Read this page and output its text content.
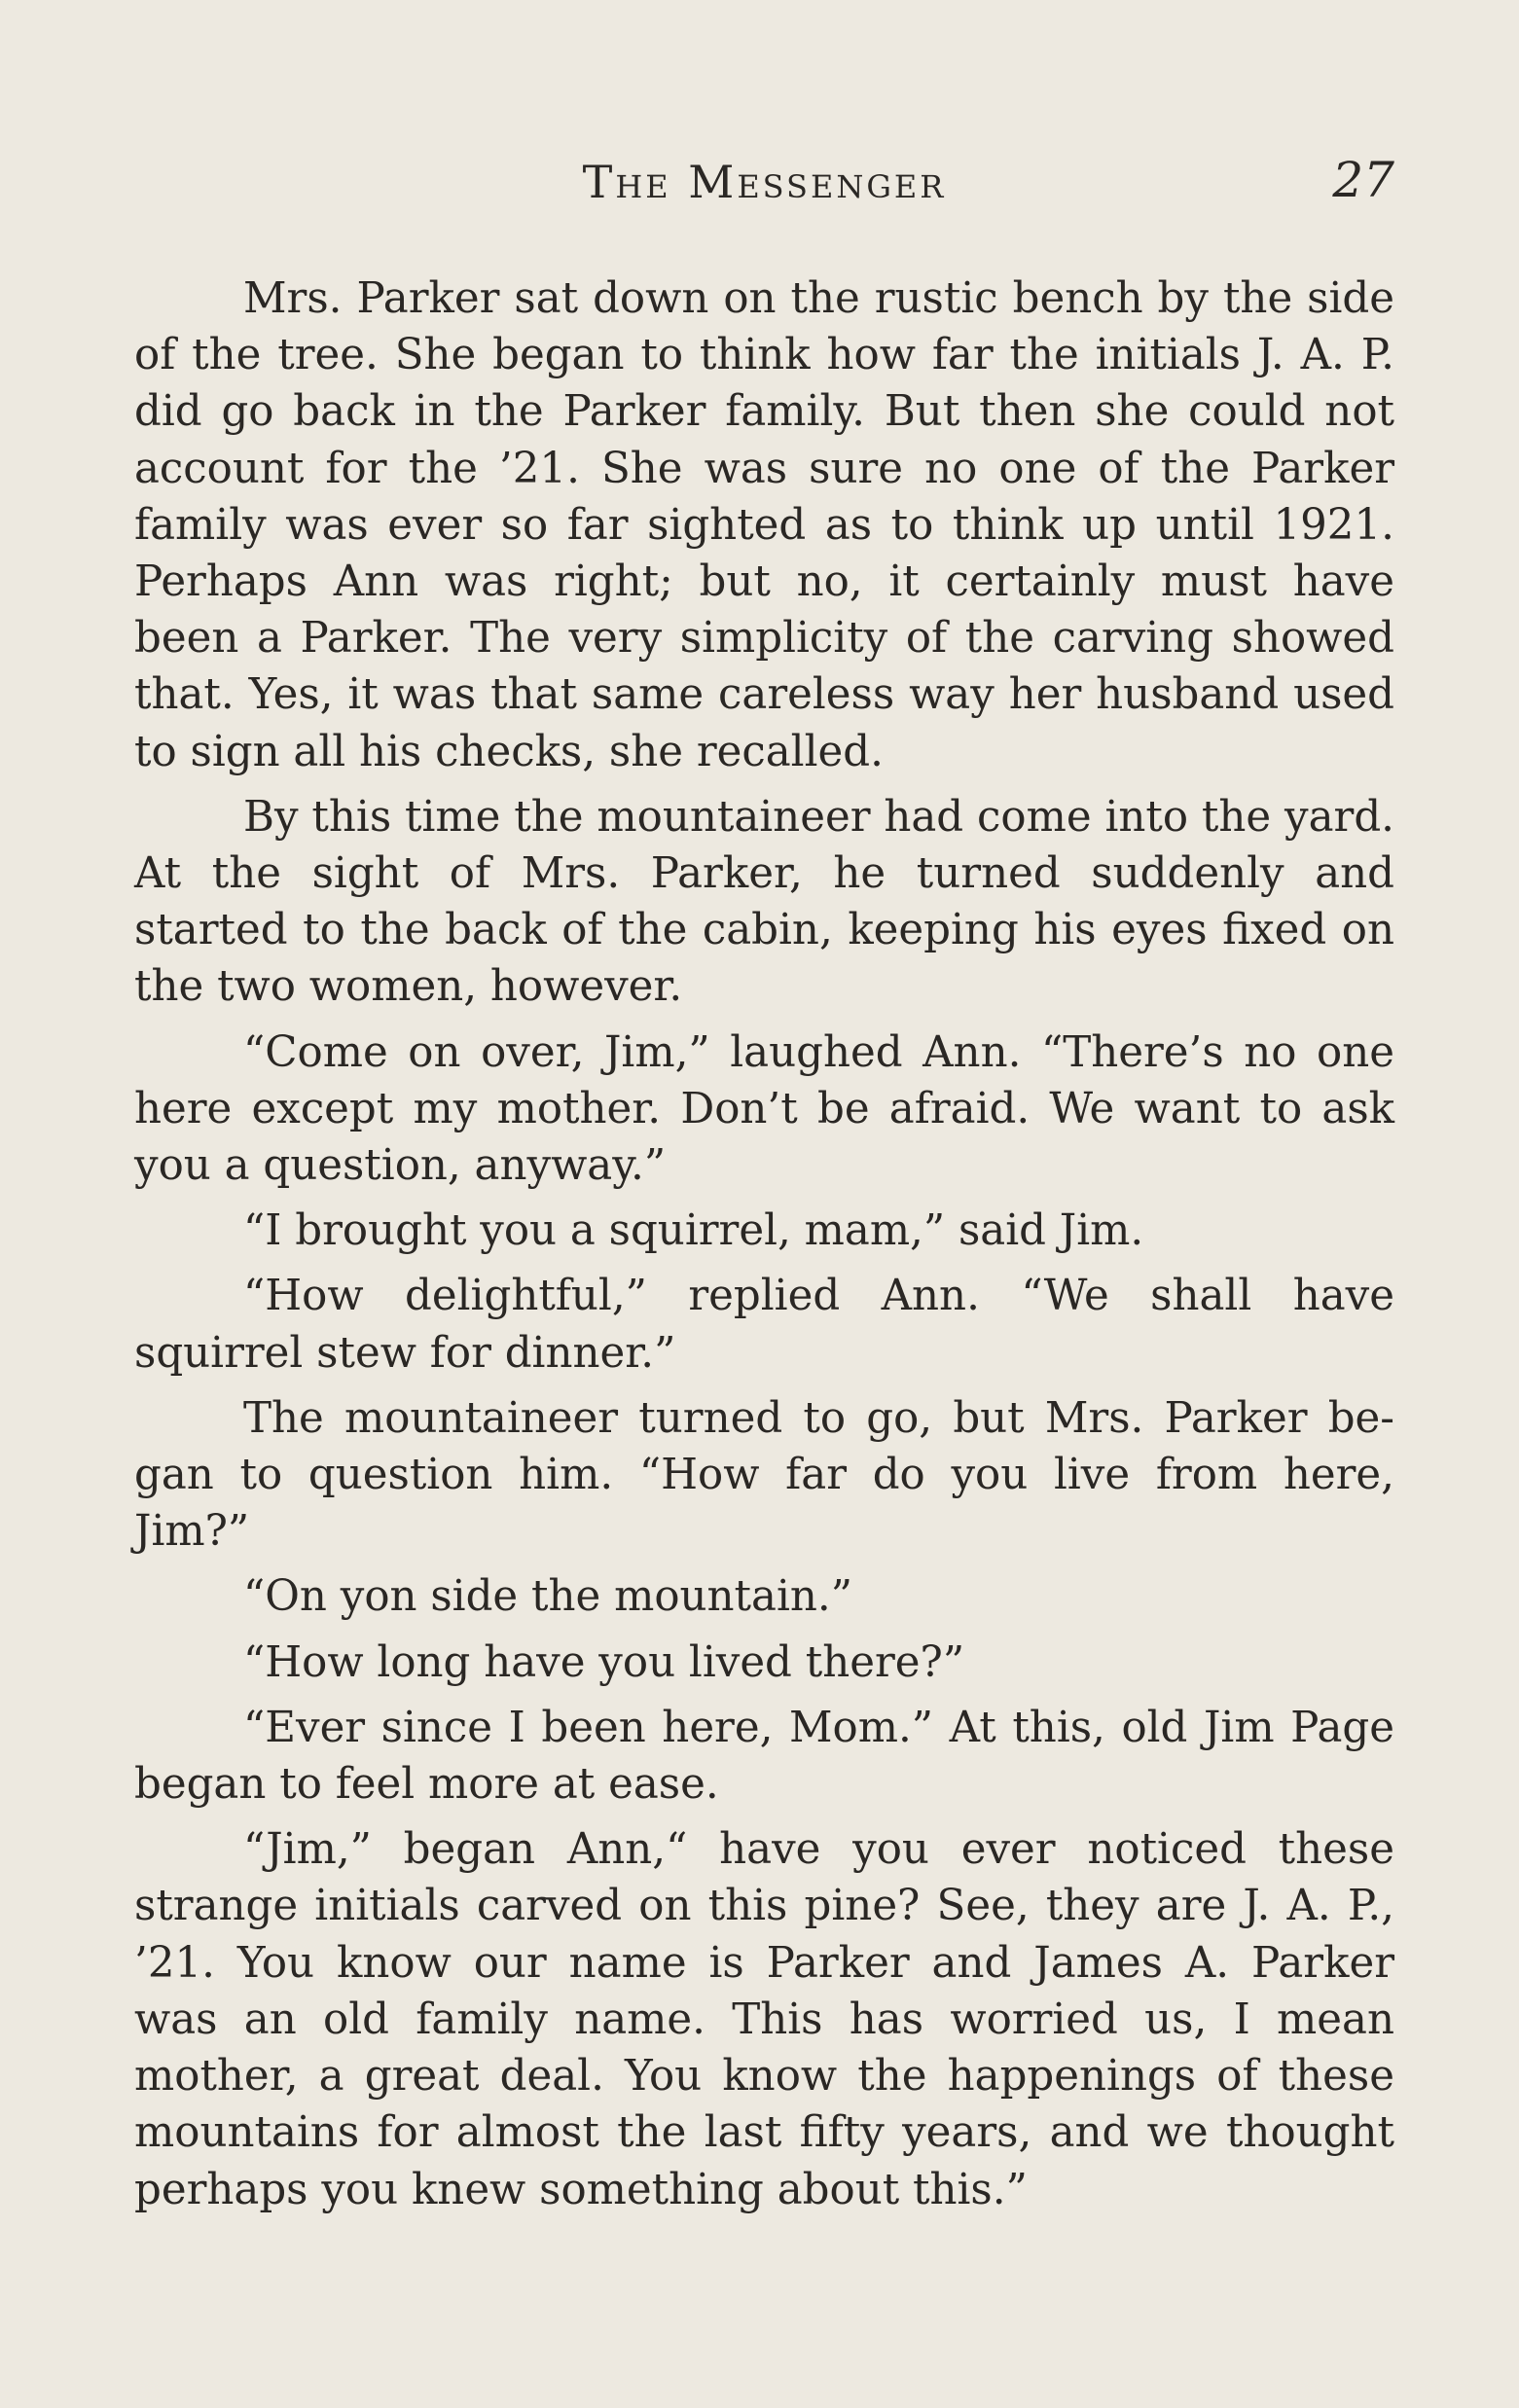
The Messenger	27

Mrs. Parker sat down on the rustic bench by the side of the tree. She began to think how far the initials J. A. P. did go back in the Parker family. But then she could not account for the ’21. She was sure no one of the Parker family was ever so far sighted as to think up until 1921. Perhaps Ann was right; but no, it certainly must have been a Parker. The very simplicity of the carving showed that. Yes, it was that same careless way her husband used to sign all his checks, she recalled.

By this time the mountaineer had come into the yard. At the sight of Mrs. Parker, he turned suddenly and started to the back of the cabin, keeping his eyes fixed on the two women, however.

“Come on over, Jim,” laughed Ann. “There’s no one here except my mother. Don’t be afraid. We want to ask you a question, anyway.”

“I brought you a squirrel, mam,” said Jim.

“How delightful,” replied Ann. “We shall have squirrel stew for dinner.”

The mountaineer turned to go, but Mrs. Parker began to question him. “How far do you live from here, Jim?”

“On yon side the mountain.”

“How long have you lived there?”

“Ever since I been here, Mom.” At this, old Jim Page began to feel more at ease.

“Jim,” began Ann,“ have you ever noticed these strange initials carved on this pine? See, they are J. A. P., ’21. You know our name is Parker and James A. Parker was an old family name. This has worried us, I mean mother, a great deal. You know the happenings of these mountains for almost the last fifty years, and we thought perhaps you knew something about this.”
